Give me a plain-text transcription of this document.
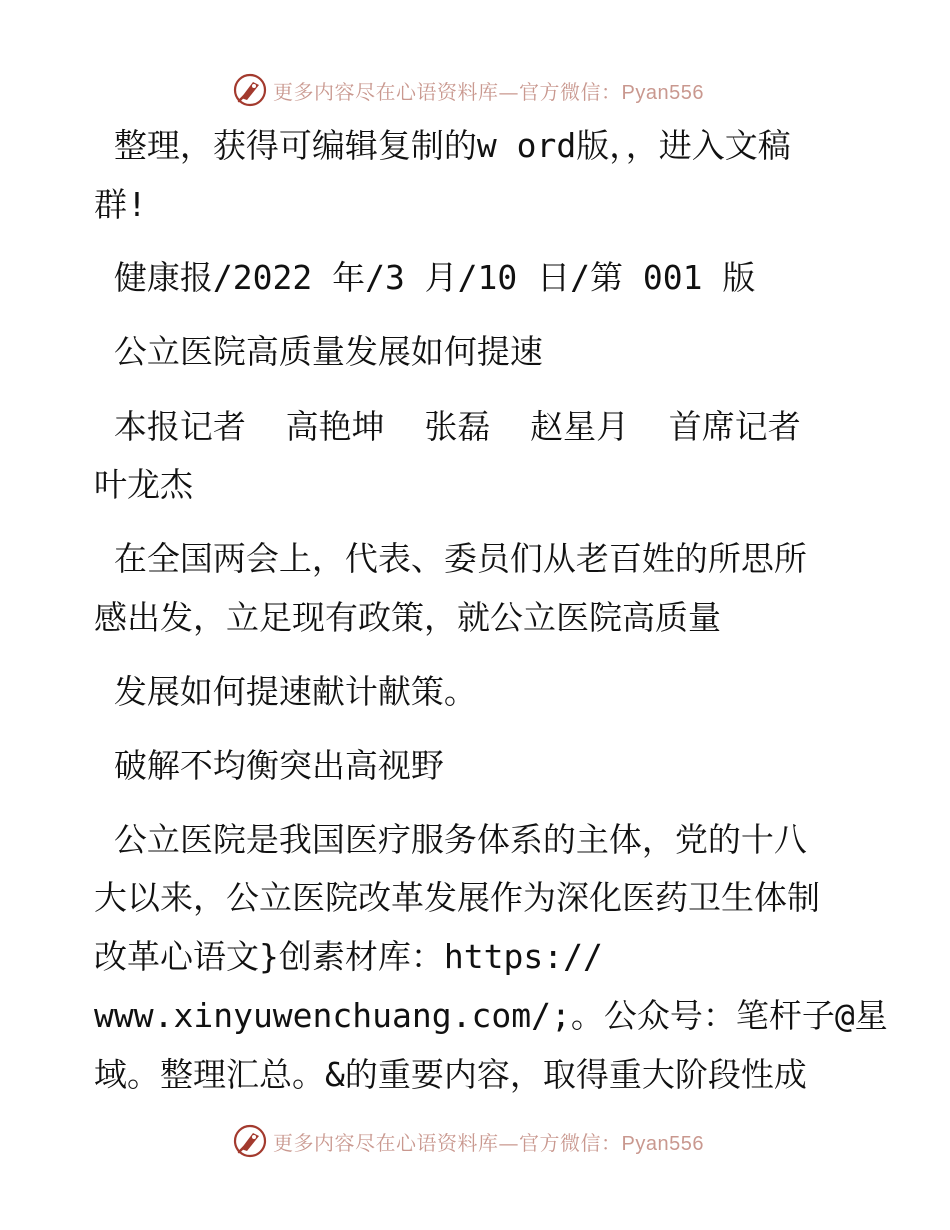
更多内容尽在心语资料库—官方微信：Pyan556
整理，获得可编辑复制的w ord版，，进入文稿
群!
健康报/2022 年/3 月/10 日/第 001 版
公立医院高质量发展如何提速
本报记者  高艳坤  张磊  赵星月  首席记者
叶龙杰
在全国两会上，代表、委员们从老百姓的所思所
感出发，立足现有政策，就公立医院高质量
发展如何提速献计献策。
破解不均衡突出高视野
公立医院是我国医疗服务体系的主体，党的十八
大以来，公立医院改革发展作为深化医药卫生体制
改革心语文}创素材库：https://
www.xinyuwenchuang.com/;。公众号：笔杆子@星
域。整理汇总。&的重要内容，取得重大阶段性成
更多内容尽在心语资料库—官方微信：Pyan556
